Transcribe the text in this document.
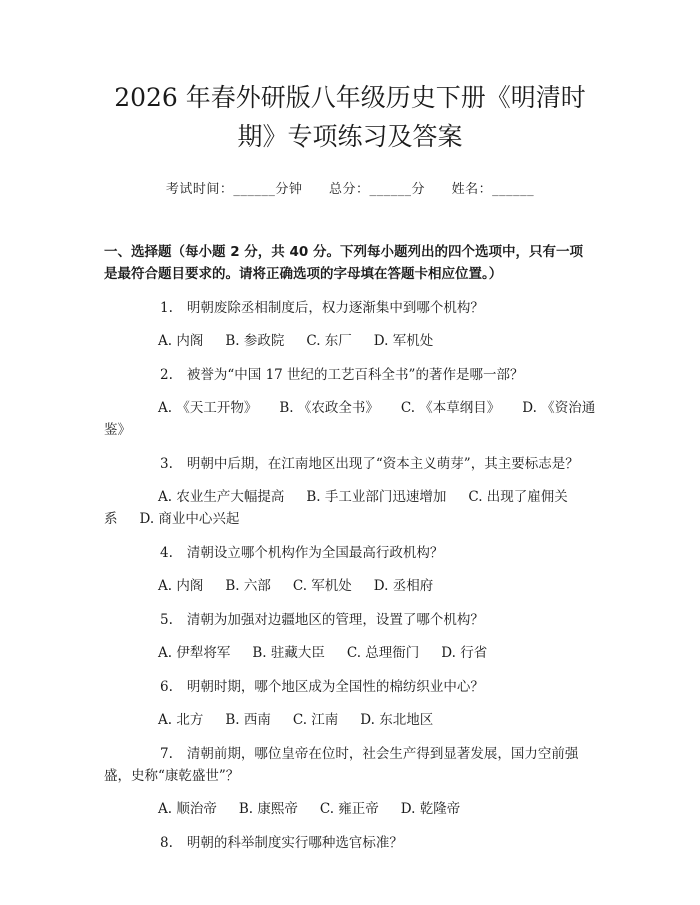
2026 年春外研版八年级历史下册《明清时
期》专项练习及答案
考试时间：______分钟 总分：______分 姓名：______
一、选择题（每小题 2 分，共 40 分。下列每小题列出的四个选项中，只有一项是最符合题目要求的。请将正确选项的字母填在答题卡相应位置。）
1. 明朝废除丞相制度后，权力逐渐集中到哪个机构？
A. 内阁 B. 参政院 C. 东厂 D. 军机处
2. 被誉为“中国 17 世纪的工艺百科全书”的著作是哪一部？
A. 《天工开物》 B. 《农政全书》 C. 《本草纲目》 D. 《资治通鉴》
3. 明朝中后期，在江南地区出现了“资本主义萌芽”，其主要标志是？
A. 农业生产大幅提高 B. 手工业部门迅速增加 C. 出现了雇佣关系 D. 商业中心兴起
4. 清朝设立哪个机构作为全国最高行政机构？
A. 内阁 B. 六部 C. 军机处 D. 丞相府
5. 清朝为加强对边疆地区的管理，设置了哪个机构？
A. 伊犁将军 B. 驻藏大臣 C. 总理衙门 D. 行省
6. 明朝时期，哪个地区成为全国性的棉纺织业中心？
A. 北方 B. 西南 C. 江南 D. 东北地区
7. 清朝前期，哪位皇帝在位时，社会生产得到显著发展，国力空前强盛，史称“康乾盛世”？
A. 顺治帝 B. 康熙帝 C. 雍正帝 D. 乾隆帝
8. 明朝的科举制度实行哪种选官标准？
